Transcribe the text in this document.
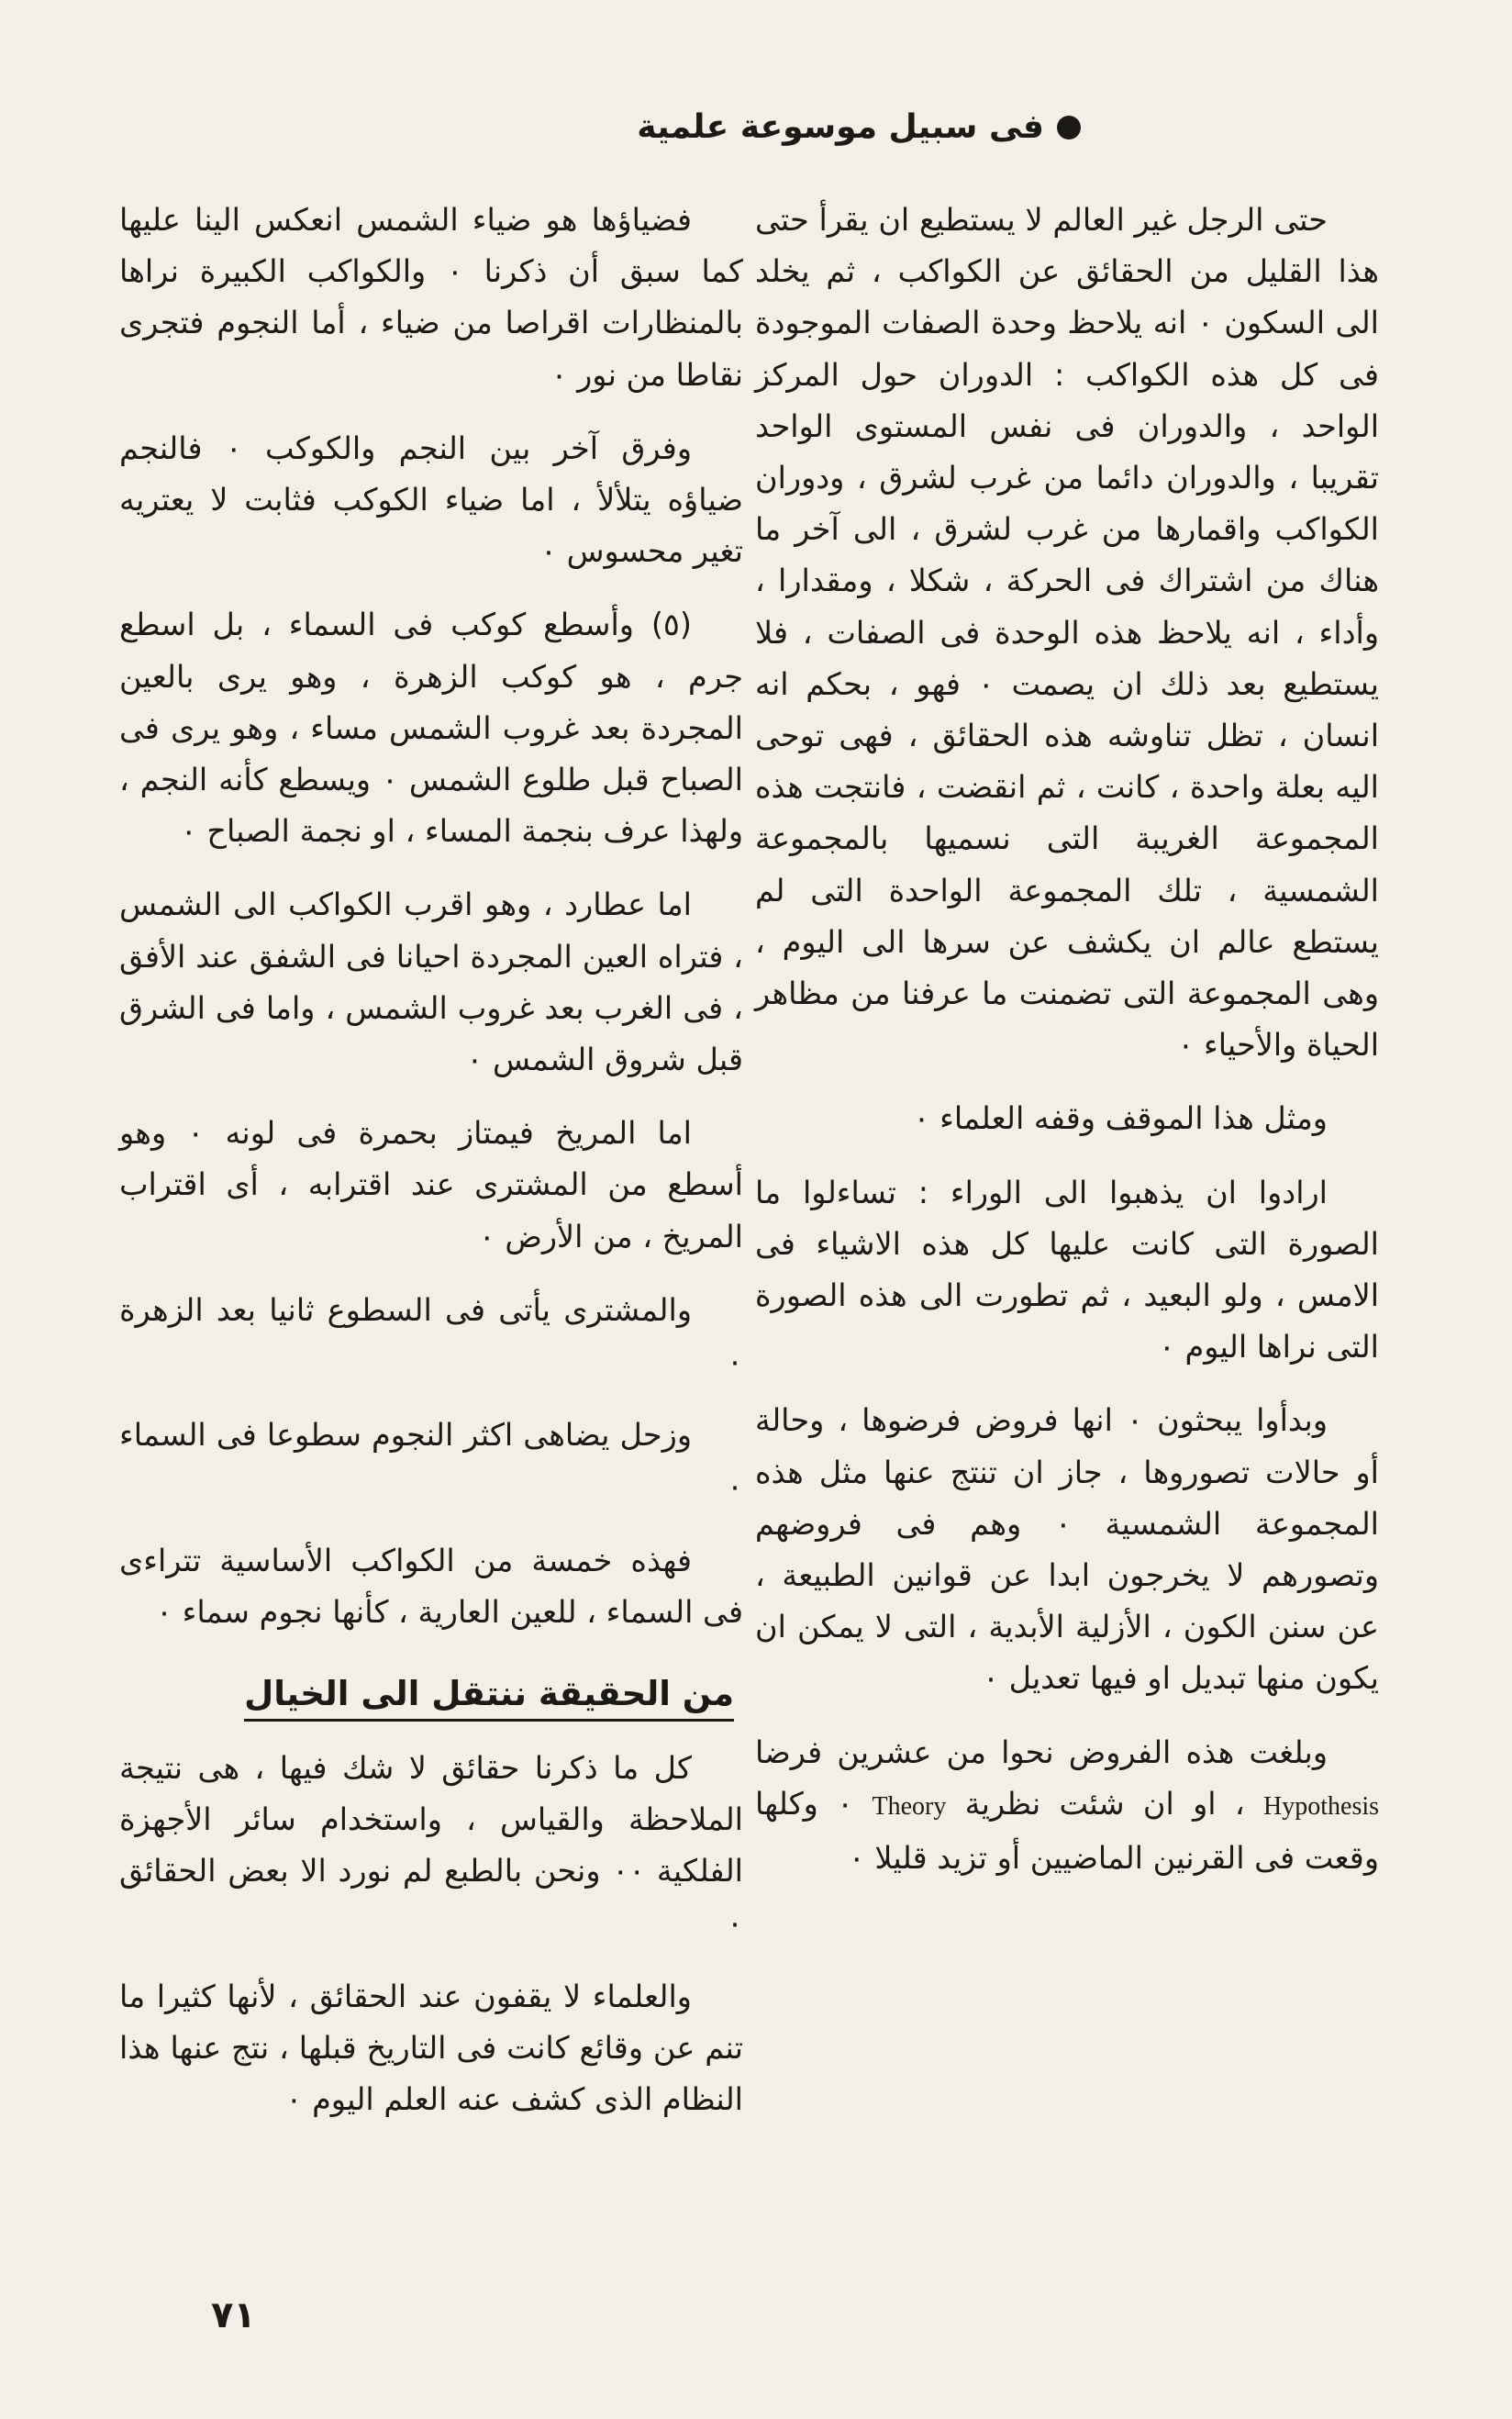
فى سبيل موسوعة علمية

فضياؤها هو ضياء الشمس انعكس الينا عليها كما سبق أن ذكرنا ٠ والكواكب الكبيرة نراها بالمنظارات اقراصا من ضياء ، أما النجوم فتجرى نقاطا من نور ٠

وفرق آخر بين النجم والكوكب ٠ فالنجم ضياؤه يتلألأ ، اما ضياء الكوكب فثابت لا يعتريه تغير محسوس ٠

(٥) وأسطع كوكب فى السماء ، بل اسطع جرم ، هو كوكب الزهرة ، وهو يرى بالعين المجردة بعد غروب الشمس مساء ، وهو يرى فى الصباح قبل طلوع الشمس ٠ ويسطع كأنه النجم ، ولهذا عرف بنجمة المساء ، او نجمة الصباح ٠

اما عطارد ، وهو اقرب الكواكب الى الشمس ، فتراه العين المجردة احيانا فى الشفق عند الأفق ، فى الغرب بعد غروب الشمس ، واما فى الشرق قبل شروق الشمس ٠

اما المريخ فيمتاز بحمرة فى لونه ٠ وهو أسطع من المشترى عند اقترابه ، أى اقتراب المريخ ، من الأرض ٠

والمشترى يأتى فى السطوع ثانيا بعد الزهرة ٠

وزحل يضاهى اكثر النجوم سطوعا فى السماء ٠

فهذه خمسة من الكواكب الأساسية تتراءى فى السماء ، للعين العارية ، كأنها نجوم سماء ٠

من الحقيقة ننتقل الى الخيال

كل ما ذكرنا حقائق لا شك فيها ، هى نتيجة الملاحظة والقياس ، واستخدام سائر الأجهزة الفلكية ٠٠ ونحن بالطبع لم نورد الا بعض الحقائق ٠

والعلماء لا يقفون عند الحقائق ، لأنها كثيرا ما تنم عن وقائع كانت فى التاريخ قبلها ، نتج عنها هذا النظام الذى كشف عنه العلم اليوم ٠

حتى الرجل غير العالم لا يستطيع ان يقرأ حتى هذا القليل من الحقائق عن الكواكب ، ثم يخلد الى السكون ٠ انه يلاحظ وحدة الصفات الموجودة فى كل هذه الكواكب : الدوران حول المركز الواحد ، والدوران فى نفس المستوى الواحد تقريبا ، والدوران دائما من غرب لشرق ، ودوران الكواكب واقمارها من غرب لشرق ، الى آخر ما هناك من اشتراك فى الحركة ، شكلا ، ومقدارا ، وأداء ، انه يلاحظ هذه الوحدة فى الصفات ، فلا يستطيع بعد ذلك ان يصمت ٠ فهو ، بحكم انه انسان ، تظل تناوشه هذه الحقائق ، فهى توحى اليه بعلة واحدة ، كانت ، ثم انقضت ، فانتجت هذه المجموعة الغريبة التى نسميها بالمجموعة الشمسية ، تلك المجموعة الواحدة التى لم يستطع عالم ان يكشف عن سرها الى اليوم ، وهى المجموعة التى تضمنت ما عرفنا من مظاهر الحياة والأحياء ٠

ومثل هذا الموقف وقفه العلماء ٠

ارادوا ان يذهبوا الى الوراء : تساءلوا ما الصورة التى كانت عليها كل هذه الاشياء فى الامس ، ولو البعيد ، ثم تطورت الى هذه الصورة التى نراها اليوم ٠

وبدأوا يبحثون ٠ انها فروض فرضوها ، وحالة أو حالات تصوروها ، جاز ان تنتج عنها مثل هذه المجموعة الشمسية ٠ وهم فى فروضهم وتصورهم لا يخرجون ابدا عن قوانين الطبيعة ، عن سنن الكون ، الأزلية الأبدية ، التى لا يمكن ان يكون منها تبديل او فيها تعديل ٠

وبلغت هذه الفروض نحوا من عشرين فرضا Hypothesis ، او ان شئت نظرية Theory ٠ وكلها وقعت فى القرنين الماضيين أو تزيد قليلا ٠

٧١
